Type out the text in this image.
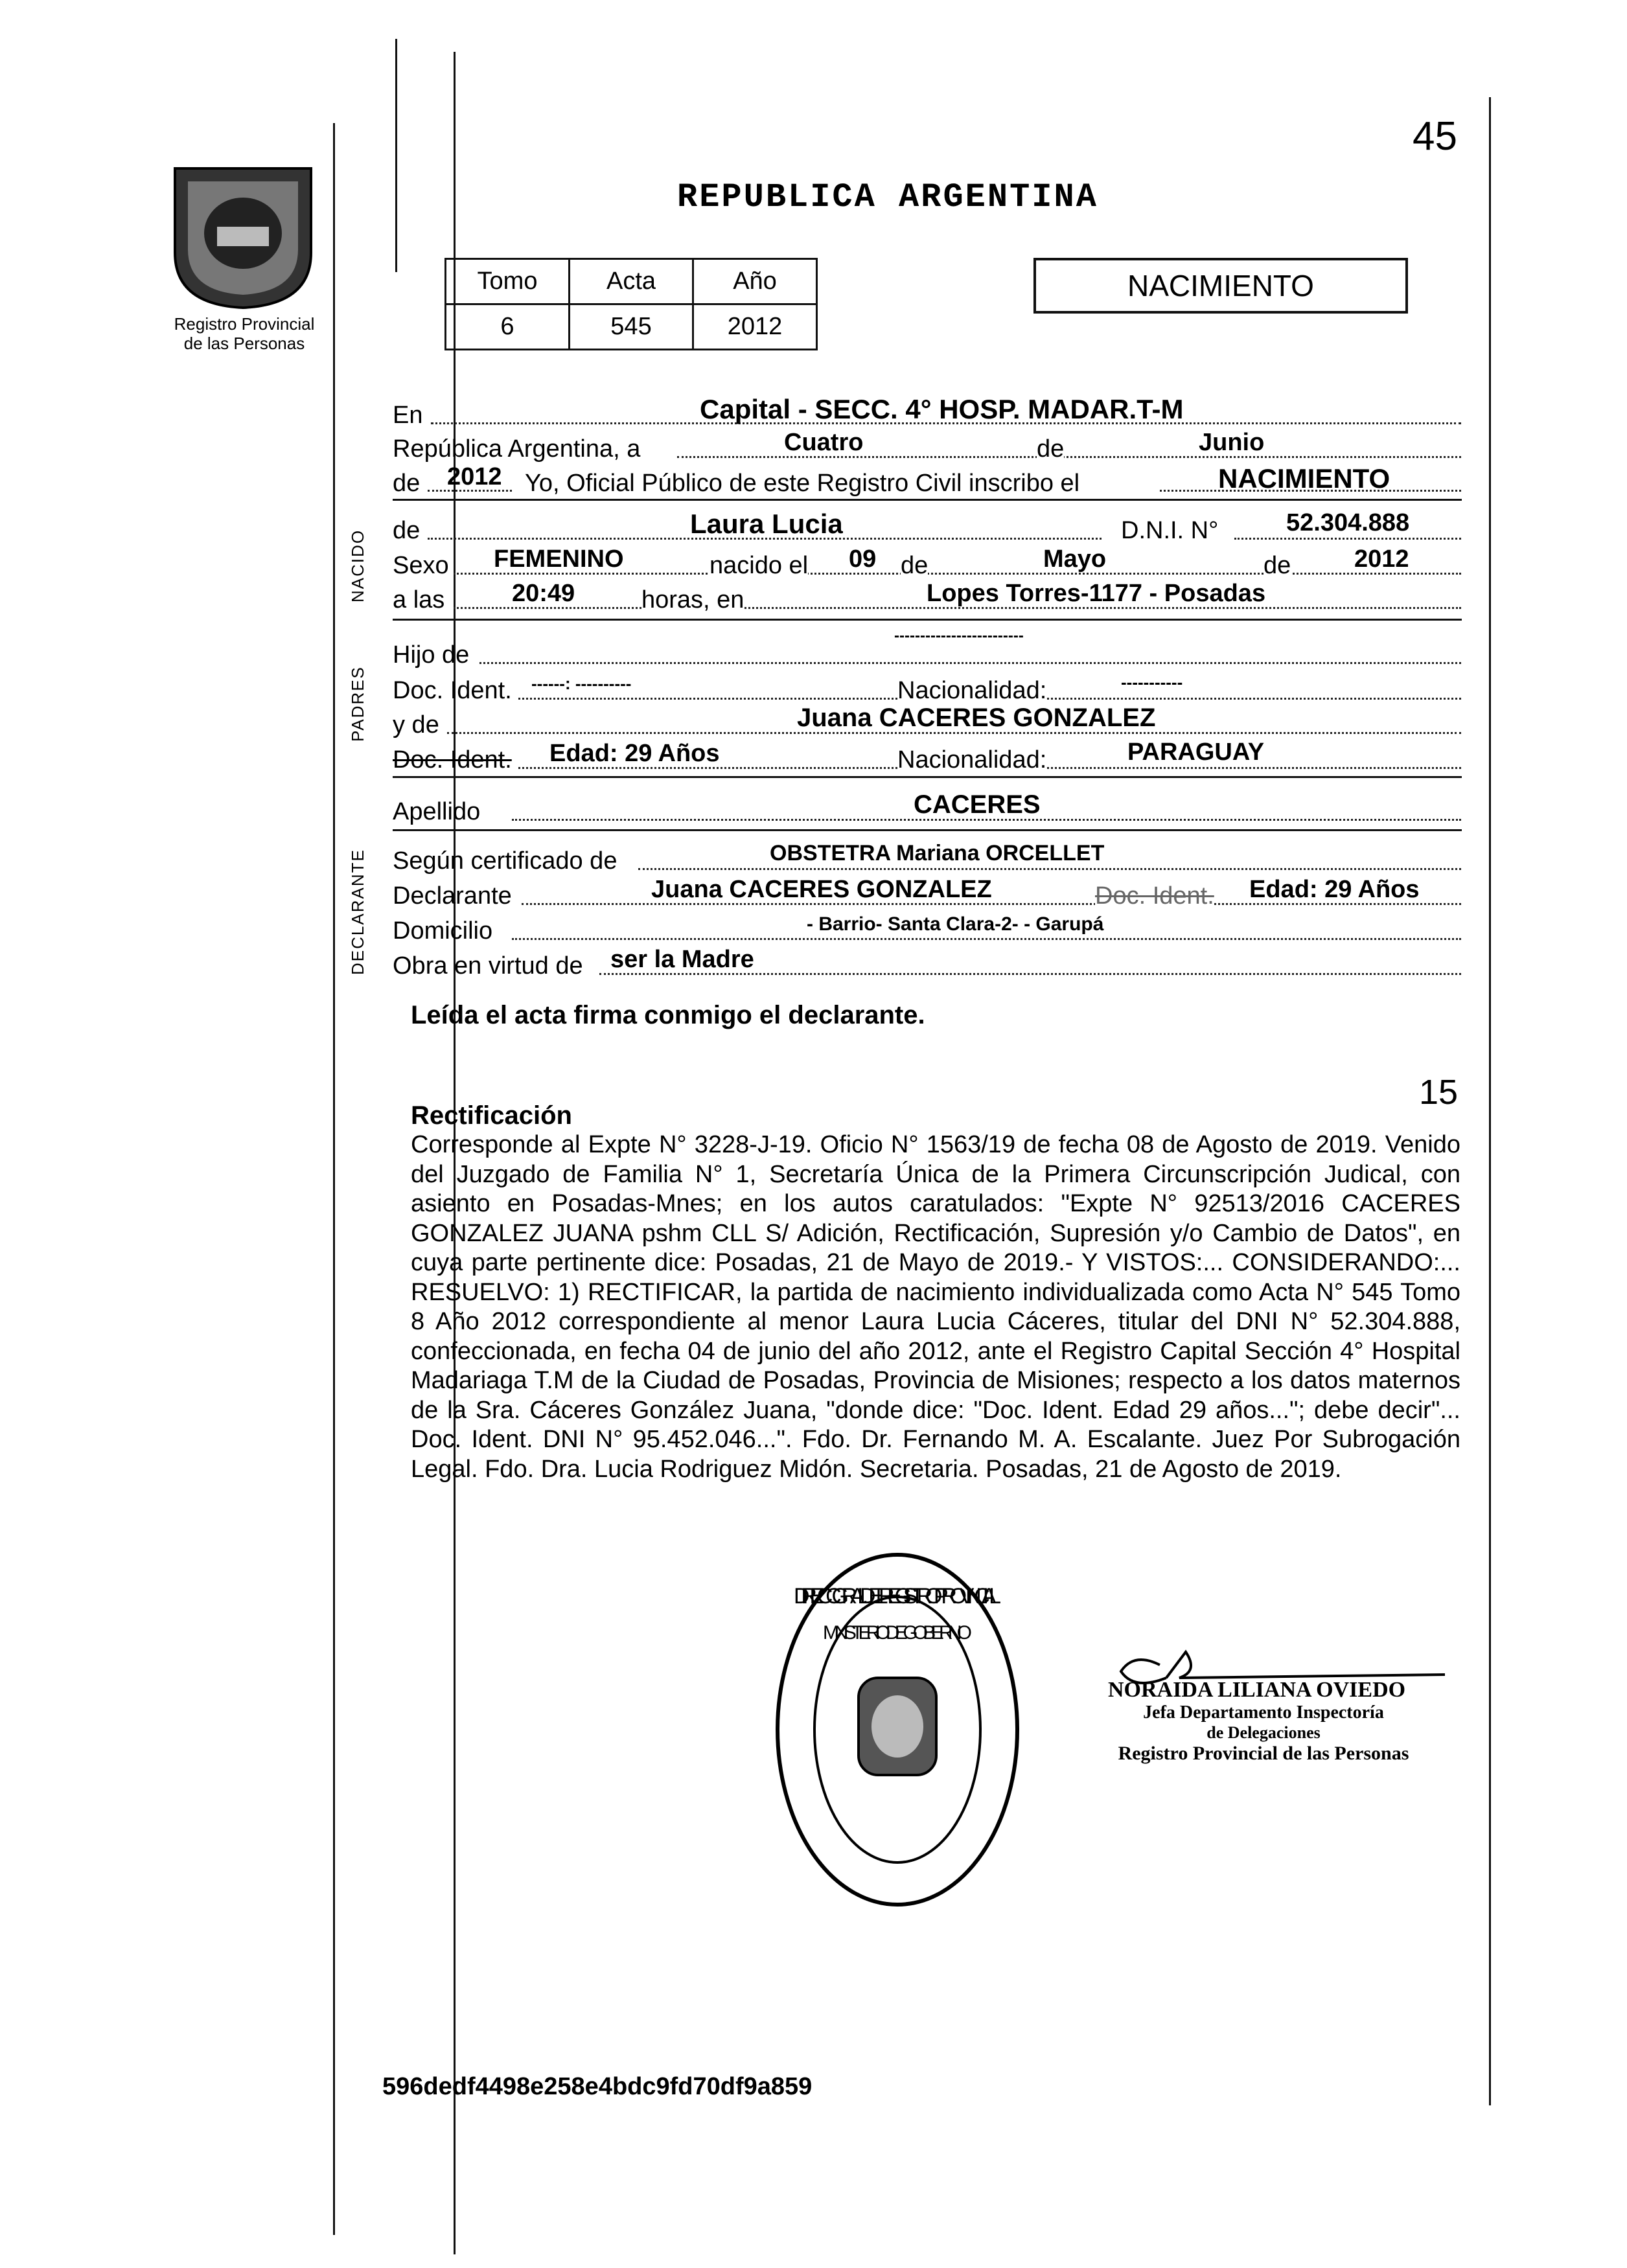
45
Registro Provincial
de las Personas
REPUBLICA ARGENTINA
Tomo	Acta	Año
6	545	2012
NACIMIENTO
NACIDO
PADRES
DECLARANTE
En	Capital - SECC. 4° HOSP. MADAR.T-M
República Argentina, a	Cuatro	de	Junio
de 2012 Yo, Oficial Público de este Registro Civil inscribo el	NACIMIENTO
de	Laura Lucia	D.N.I. N°	52.304.888
Sexo FEMENINO	nacido el 09 de	Mayo	de	2012
a las	20:49	horas, en	Lopes Torres-1177 - Posadas
Hijo de
-------------------------
Doc. Ident. ------: ----------	Nacionalidad:	-----------
y de	Juana CACERES GONZALEZ
Doc. Ident. Edad: 29 Años	Nacionalidad:	PARAGUAY
Apellido	CACERES
Según certificado de	OBSTETRA Mariana ORCELLET
Declarante	Juana CACERES GONZALEZ	Doc. Ident. Edad: 29 Años
Domicilio	- Barrio- Santa Clara-2- - Garupá
Obra en virtud de ser la Madre
Leída el acta firma conmigo el declarante.
15
Rectificación

Corresponde al Expte N° 3228-J-19. Oficio N° 1563/19 de fecha 08 de Agosto de 2019. Venido del Juzgado de Familia N° 1, Secretaría Única de la Primera Circunscripción Judical, con asiento en Posadas-Mnes; en los autos caratulados: "Expte N° 92513/2016 CACERES GONZALEZ JUANA pshm CLL S/ Adición, Rectificación, Supresión y/o Cambio de Datos", en cuya parte pertinente dice: Posadas, 21 de Mayo de 2019.- Y VISTOS:... CONSIDERANDO:... RESUELVO: 1) RECTIFICAR, la partida de nacimiento individualizada como Acta N° 545 Tomo 8 Año 2012 correspondiente al menor Laura Lucia Cáceres, titular del DNI N° 52.304.888, confeccionada, en fecha 04 de junio del año 2012, ante el Registro Capital Sección 4° Hospital Madariaga T.M de la Ciudad de Posadas, Provincia de Misiones; respecto a los datos maternos de la Sra. Cáceres González Juana, "donde dice: "Doc. Ident. Edad 29 años..."; debe decir"... Doc. Ident. DNI N° 95.452.046...". Fdo. Dr. Fernando M. A. Escalante. Juez Por Subrogación Legal. Fdo. Dra. Lucia Rodriguez Midón. Secretaria. Posadas, 21 de Agosto de 2019.

DIRECC. GRAL. DEL REGISTRO PROVINCIAL
MINISTERIO DE GOBIERNO
NORAIDA LILIANA OVIEDO
Jefa Departamento Inspectoría
de Delegaciones
Registro Provincial de las Personas
596dedf4498e258e4bdc9fd70df9a859
